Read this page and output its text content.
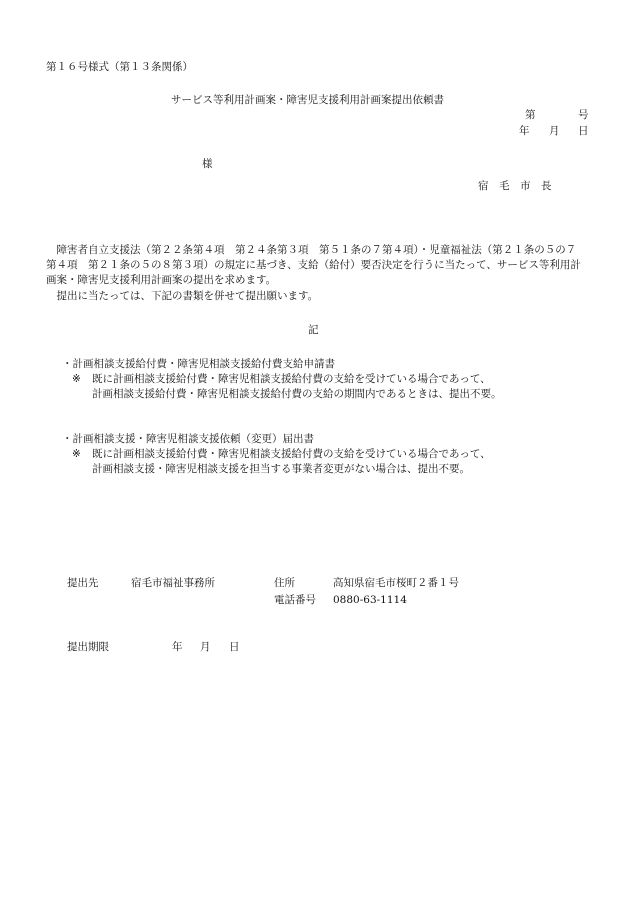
第１６号様式（第１３条関係）
サービス等利用計画案・障害児支援利用計画案提出依頼書
第	号
年 月 日
様
宿　毛　市　長

障害者自立支援法（第２２条第４項　第２４条第３項　第５１条の７第４項）・児童福祉法（第２１条の５の７第４項　第２１条の５の８第３項）の規定に基づき、支給（給付）要否決定を行うに当たって、サービス等利用計画案・障害児支援利用計画案の提出を求めます。

提出に当たっては、下記の書類を併せて提出願います。

記
・計画相談支援給付費・障害児相談支援給付費支給申請書
※ 既に計画相談支援給付費・障害児相談支援給付費の支給を受けている場合であって、
計画相談支援給付費・障害児相談支援給付費の支給の期間内であるときは、提出不要。
・計画相談支援・障害児相談支援依頼（変更）届出書
※ 既に計画相談支援給付費・障害児相談支援給付費の支給を受けている場合であって、
計画相談支援・障害児相談支援を担当する事業者変更がない場合は、提出不要。
提出先	宿毛市福祉事務所	住所	高知県宿毛市桜町２番１号
電話番号 0880-63-1114
提出期限	年 月 日
